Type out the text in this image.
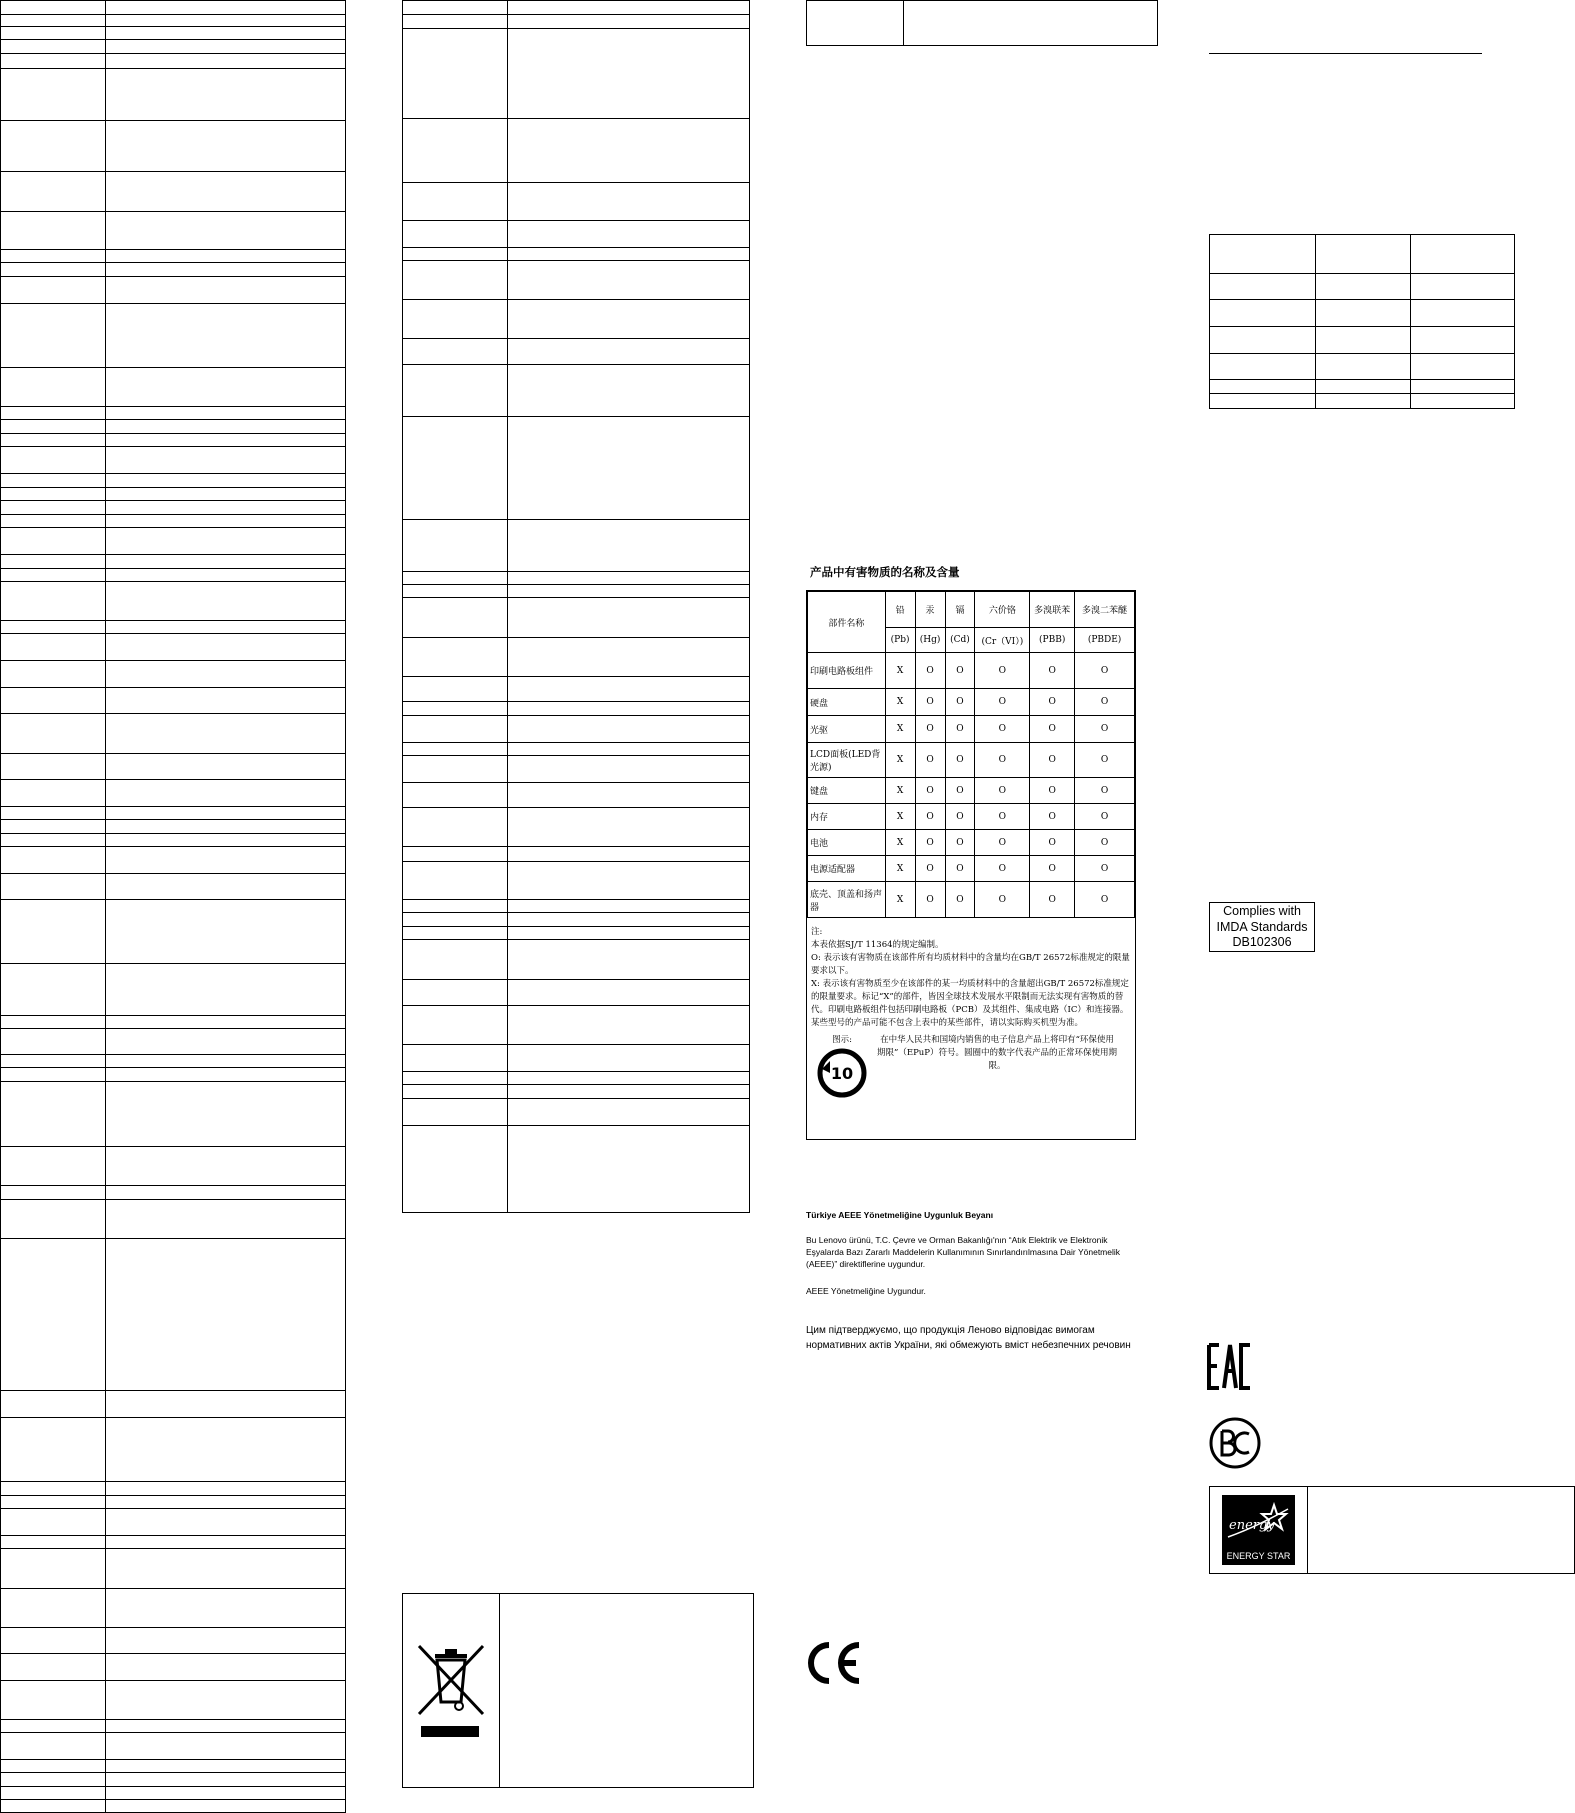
产品中有害物质的名称及含量
部件名称	铅	汞	镉	六价铬	多溴联苯	多溴二苯醚
	(Pb)	(Hg)	(Cd)	(Cr（VI）)	(PBB)	(PBDE)
印刷电路板组件	X	O	O	O	O	O
硬盘	X	O	O	O	O	O
光驱	X	O	O	O	O	O
LCD面板(LED背光源)	X	O	O	O	O	O
键盘	X	O	O	O	O	O
内存	X	O	O	O	O	O
电池	X	O	O	O	O	O
电源适配器	X	O	O	O	O	O
底壳、顶盖和扬声器	X	O	O	O	O	O
注:
本表依据SJ/T 11364的规定编制。
O: 表示该有害物质在该部件所有均质材料中的含量均在GB/T 26572标准规定的限量要求以下。
X: 表示该有害物质至少在该部件的某一均质材料中的含量超出GB/T 26572标准规定的限量要求。标记“X”的部件，皆因全球技术发展水平限制而无法实现有害物质的替代。印刷电路板组件包括印刷电路板（PCB）及其组件、集成电路（IC）和连接器。某些型号的产品可能不包含上表中的某些部件，请以实际购买机型为准。
图示:
10
在中华人民共和国境内销售的电子信息产品上将印有“环保使用期限”（EPuP）符号。圆圈中的数字代表产品的正常环保使用期限。
Türkiye AEEE Yönetmeliğine Uygunluk Beyanı
Bu Lenovo ürünü, T.C. Çevre ve Orman Bakanlığı'nın “Atık Elektrik ve Elektronik Eşyalarda Bazı Zararlı Maddelerin Kullanımının Sınırlandırılmasına Dair Yönetmelik (AEEE)” direktiflerine uygundur.
AEEE Yönetmeliğine Uygundur.
Цим підтверджуємо, що продукція Леново відповідає вимогам нормативних актів України, які обмежують вміст небезпечних речовин
Complies with
IMDA Standards
DB102306
energy
ENERGY STAR
